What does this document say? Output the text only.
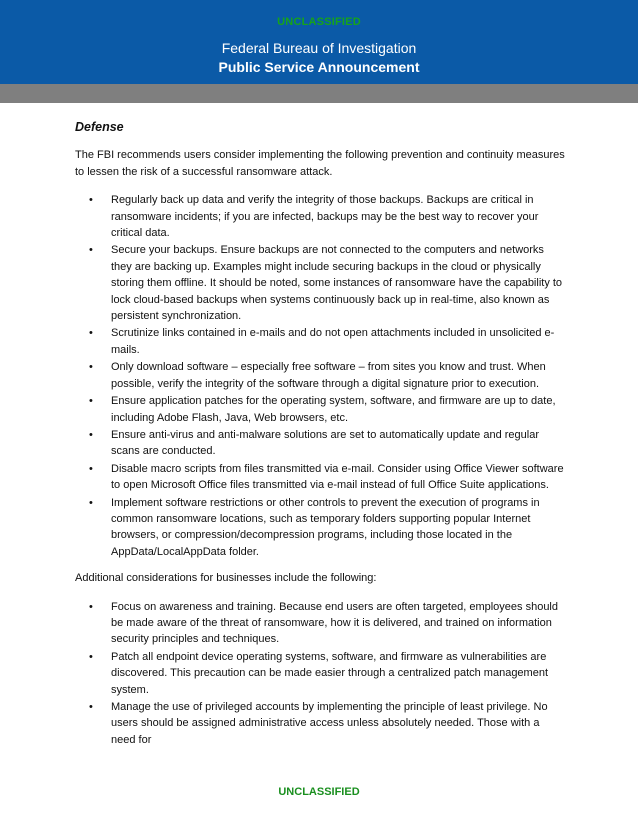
UNCLASSIFIED
Federal Bureau of Investigation
Public Service Announcement
Defense

The FBI recommends users consider implementing the following prevention and continuity measures to lessen the risk of a successful ransomware attack.

• Regularly back up data and verify the integrity of those backups. Backups are critical in ransomware incidents; if you are infected, backups may be the best way to recover your critical data.
• Secure your backups. Ensure backups are not connected to the computers and networks they are backing up. Examples might include securing backups in the cloud or physically storing them offline. It should be noted, some instances of ransomware have the capability to lock cloud-based backups when systems continuously back up in real-time, also known as persistent synchronization.
• Scrutinize links contained in e-mails and do not open attachments included in unsolicited e-mails.
• Only download software – especially free software – from sites you know and trust. When possible, verify the integrity of the software through a digital signature prior to execution.
• Ensure application patches for the operating system, software, and firmware are up to date, including Adobe Flash, Java, Web browsers, etc.
• Ensure anti-virus and anti-malware solutions are set to automatically update and regular scans are conducted.
• Disable macro scripts from files transmitted via e-mail. Consider using Office Viewer software to open Microsoft Office files transmitted via e-mail instead of full Office Suite applications.
• Implement software restrictions or other controls to prevent the execution of programs in common ransomware locations, such as temporary folders supporting popular Internet browsers, or compression/decompression programs, including those located in the AppData/LocalAppData folder.

Additional considerations for businesses include the following:

• Focus on awareness and training. Because end users are often targeted, employees should be made aware of the threat of ransomware, how it is delivered, and trained on information security principles and techniques.
• Patch all endpoint device operating systems, software, and firmware as vulnerabilities are discovered. This precaution can be made easier through a centralized patch management system.
• Manage the use of privileged accounts by implementing the principle of least privilege. No users should be assigned administrative access unless absolutely needed. Those with a need for
UNCLASSIFIED
